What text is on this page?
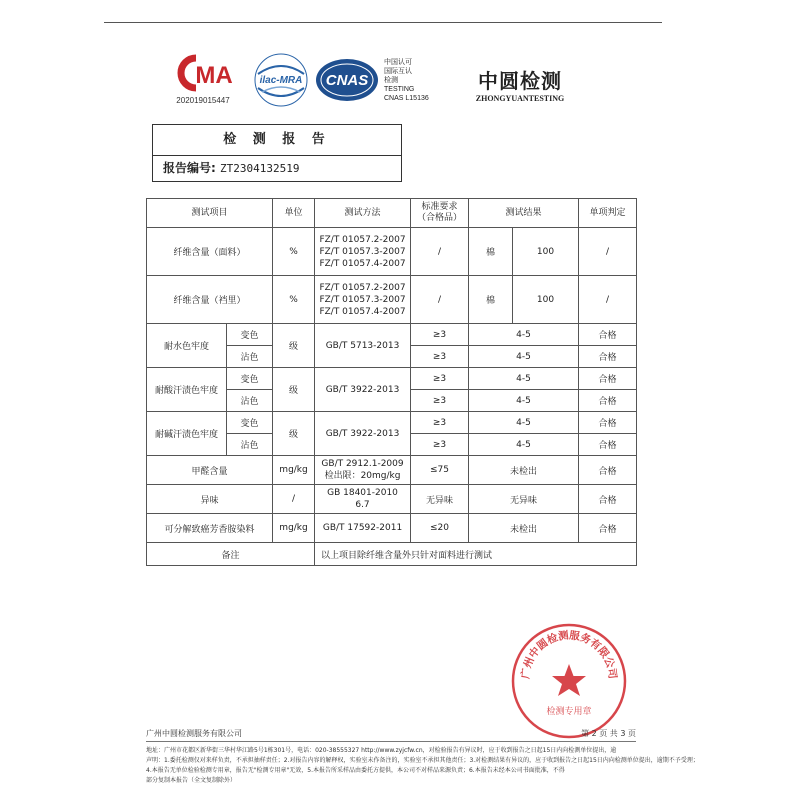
MA
202019015447
ilac-MRA CNAS
中国认可
国际互认
检测
TESTING
CNAS L15136
中圆检测
ZHONGYUANTESTING
检 测 报 告
报告编号: ZT2304132519
测试项目		单位	测试方法	标准要求
（合格品）	测试结果		单项判定
纤维含量（面料）		%	FZ/T 01057.2-2007
FZ/T 01057.3-2007
FZ/T 01057.4-2007	/	棉	100	/
纤维含量（裆里）		%	FZ/T 01057.2-2007
FZ/T 01057.3-2007
FZ/T 01057.4-2007	/	棉	100	/
耐水色牢度	变色	级	GB/T 5713-2013	≥3	4-5		合格
	沾色			≥3	4-5		合格
耐酸汗渍色牢度	变色	级	GB/T 3922-2013	≥3	4-5		合格
	沾色			≥3	4-5		合格
耐碱汗渍色牢度	变色	级	GB/T 3922-2013	≥3	4-5		合格
	沾色			≥3	4-5		合格
甲醛含量		mg/kg	GB/T 2912.1-2009
检出限：20mg/kg	≤75	未检出		合格
异味		/	GB 18401-2010
6.7	无异味	无异味		合格
可分解致癌芳香胺染料		mg/kg	GB/T 17592-2011	≤20	未检出		合格
备注			以上项目除纤维含量外只针对面料进行测试				
广州中圆检测服务有限公司
检测专用章
广州中圆检测服务有限公司	第 2 页 共 3 页
地址：广州市花都区新华街三华村华江路5号1栋301号，电话：020-38555327 http://www.zyjcfw.cn，对检验报告有异议时，应于收到报告之日起15日内向检测单位提出，逾
声明：1.委托检测仅对来样负责，不承担抽样责任；2.对报告内容的解释权，实验室未作备注的，实验室不承担其他责任；3.对检测结果有异议的，应于收到报告之日起15日内向检测单位提出，逾期不予受理；
4.本报告无单位检验检测专用章，报告无"检测专用章"无效，5.本报告所采样品由委托方提供，本公司不对样品来源负责；6.本报告未经本公司书面批准，不得
部分复制本报告（全文复制除外）
